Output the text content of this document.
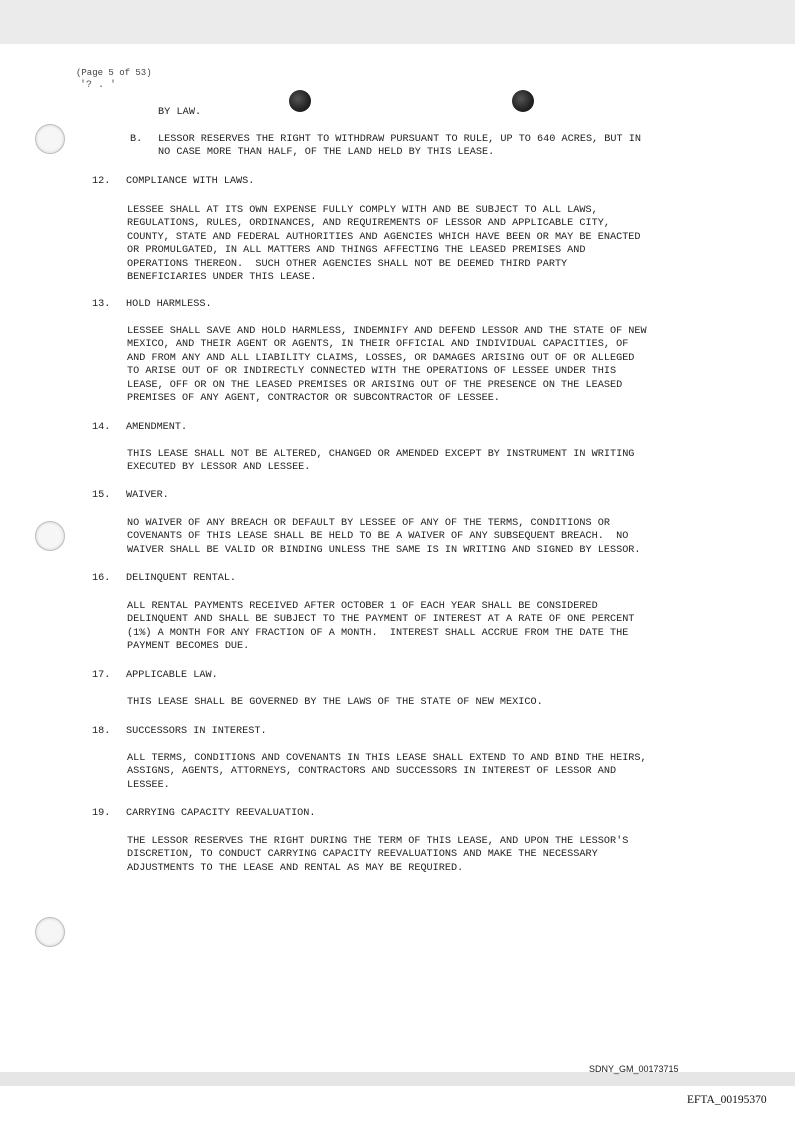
(Page 5 of 53)
'? . '
BY LAW.
B. LESSOR RESERVES THE RIGHT TO WITHDRAW PURSUANT TO RULE, UP TO 640 ACRES, BUT IN
NO CASE MORE THAN HALF, OF THE LAND HELD BY THIS LEASE.
12. COMPLIANCE WITH LAWS.
LESSEE SHALL AT ITS OWN EXPENSE FULLY COMPLY WITH AND BE SUBJECT TO ALL LAWS,
REGULATIONS, RULES, ORDINANCES, AND REQUIREMENTS OF LESSOR AND APPLICABLE CITY,
COUNTY, STATE AND FEDERAL AUTHORITIES AND AGENCIES WHICH HAVE BEEN OR MAY BE ENACTED
OR PROMULGATED, IN ALL MATTERS AND THINGS AFFECTING THE LEASED PREMISES AND
OPERATIONS THEREON.  SUCH OTHER AGENCIES SHALL NOT BE DEEMED THIRD PARTY
BENEFICIARIES UNDER THIS LEASE.
13. HOLD HARMLESS.
LESSEE SHALL SAVE AND HOLD HARMLESS, INDEMNIFY AND DEFEND LESSOR AND THE STATE OF NEW
MEXICO, AND THEIR AGENT OR AGENTS, IN THEIR OFFICIAL AND INDIVIDUAL CAPACITIES, OF
AND FROM ANY AND ALL LIABILITY CLAIMS, LOSSES, OR DAMAGES ARISING OUT OF OR ALLEGED
TO ARISE OUT OF OR INDIRECTLY CONNECTED WITH THE OPERATIONS OF LESSEE UNDER THIS
LEASE, OFF OR ON THE LEASED PREMISES OR ARISING OUT OF THE PRESENCE ON THE LEASED
PREMISES OF ANY AGENT, CONTRACTOR OR SUBCONTRACTOR OF LESSEE.
14. AMENDMENT.
THIS LEASE SHALL NOT BE ALTERED, CHANGED OR AMENDED EXCEPT BY INSTRUMENT IN WRITING
EXECUTED BY LESSOR AND LESSEE.
15. WAIVER.
NO WAIVER OF ANY BREACH OR DEFAULT BY LESSEE OF ANY OF THE TERMS, CONDITIONS OR
COVENANTS OF THIS LEASE SHALL BE HELD TO BE A WAIVER OF ANY SUBSEQUENT BREACH.  NO
WAIVER SHALL BE VALID OR BINDING UNLESS THE SAME IS IN WRITING AND SIGNED BY LESSOR.
16. DELINQUENT RENTAL.
ALL RENTAL PAYMENTS RECEIVED AFTER OCTOBER 1 OF EACH YEAR SHALL BE CONSIDERED
DELINQUENT AND SHALL BE SUBJECT TO THE PAYMENT OF INTEREST AT A RATE OF ONE PERCENT
(1%) A MONTH FOR ANY FRACTION OF A MONTH.  INTEREST SHALL ACCRUE FROM THE DATE THE
PAYMENT BECOMES DUE.
17. APPLICABLE LAW.
THIS LEASE SHALL BE GOVERNED BY THE LAWS OF THE STATE OF NEW MEXICO.
18. SUCCESSORS IN INTEREST.
ALL TERMS, CONDITIONS AND COVENANTS IN THIS LEASE SHALL EXTEND TO AND BIND THE HEIRS,
ASSIGNS, AGENTS, ATTORNEYS, CONTRACTORS AND SUCCESSORS IN INTEREST OF LESSOR AND
LESSEE.
19. CARRYING CAPACITY REEVALUATION.
THE LESSOR RESERVES THE RIGHT DURING THE TERM OF THIS LEASE, AND UPON THE LESSOR'S
DISCRETION, TO CONDUCT CARRYING CAPACITY REEVALUATIONS AND MAKE THE NECESSARY
ADJUSTMENTS TO THE LEASE AND RENTAL AS MAY BE REQUIRED.
SDNY_GM_00173715
EFTA_00195370
